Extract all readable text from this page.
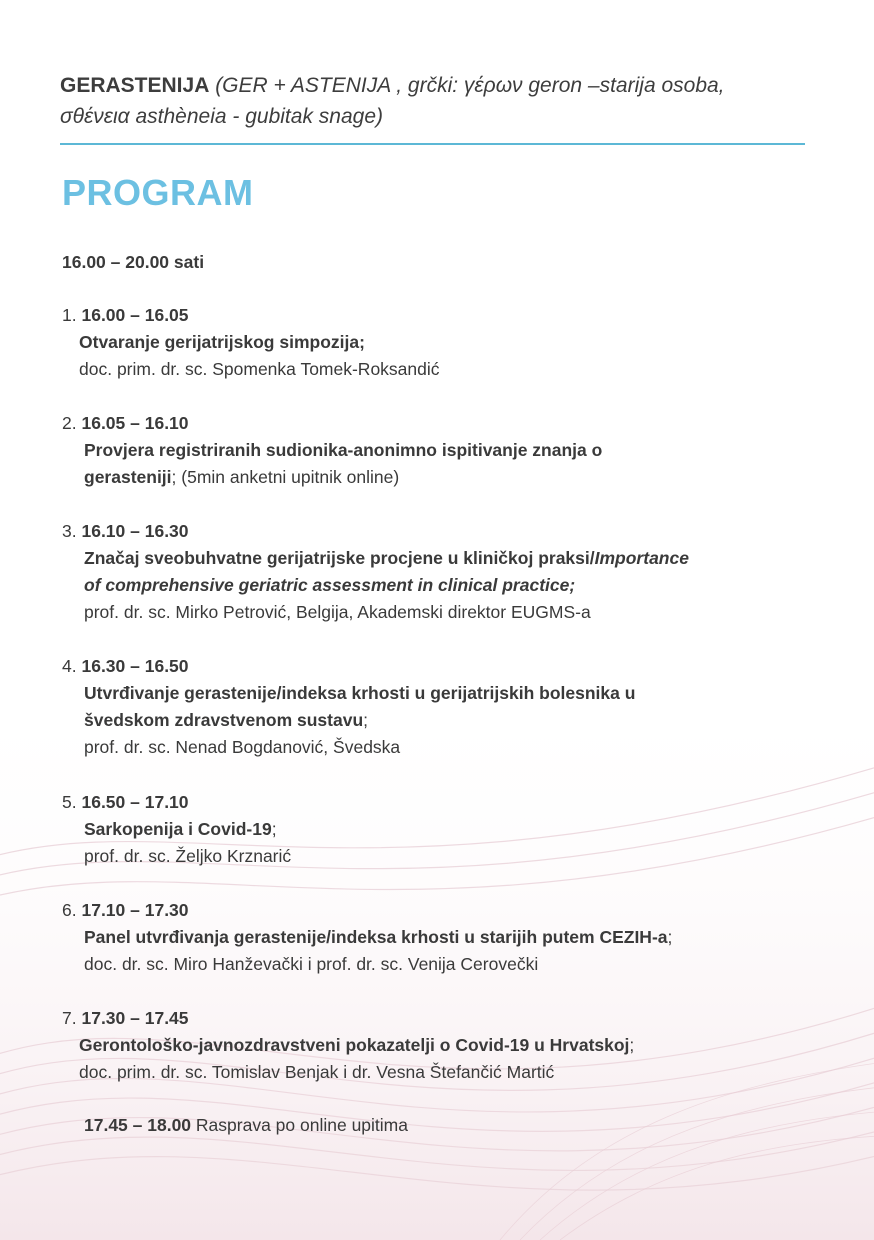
GERASTENIJA (GER + ASTENIJA , grčki: γέρων geron –starija osoba,
σθένεια asthèneia - gubitak snage)
PROGRAM
16.00 – 20.00 sati
1. 16.00 – 16.05
Otvaranje gerijatrijskog simpozija;
doc. prim. dr. sc. Spomenka Tomek-Roksandić
2. 16.05 – 16.10
Provjera registriranih sudionika-anonimno ispitivanje znanja o
gerasteniji; (5min anketni upitnik online)
3. 16.10 – 16.30
Značaj sveobuhvatne gerijatrijske procjene u kliničkoj praksi/Importance
of comprehensive geriatric assessment in clinical practice;
prof. dr. sc. Mirko Petrović, Belgija, Akademski direktor EUGMS-a
4. 16.30 – 16.50
Utvrđivanje gerastenije/indeksa krhosti u gerijatrijskih bolesnika u
švedskom zdravstvenom sustavu;
prof. dr. sc. Nenad Bogdanović, Švedska
5. 16.50 – 17.10
Sarkopenija i Covid-19;
prof. dr. sc. Željko Krznarić
6. 17.10 – 17.30
Panel utvrđivanja gerastenije/indeksa krhosti u starijih putem CEZIH-a;
doc. dr. sc. Miro Hanževački i prof. dr. sc. Venija Cerovečki
7. 17.30 – 17.45
Gerontološko-javnozdravstveni pokazatelji o Covid-19 u Hrvatskoj;
doc. prim. dr. sc. Tomislav Benjak i dr. Vesna Štefančić Martić
17.45 – 18.00 Rasprava po online upitima
